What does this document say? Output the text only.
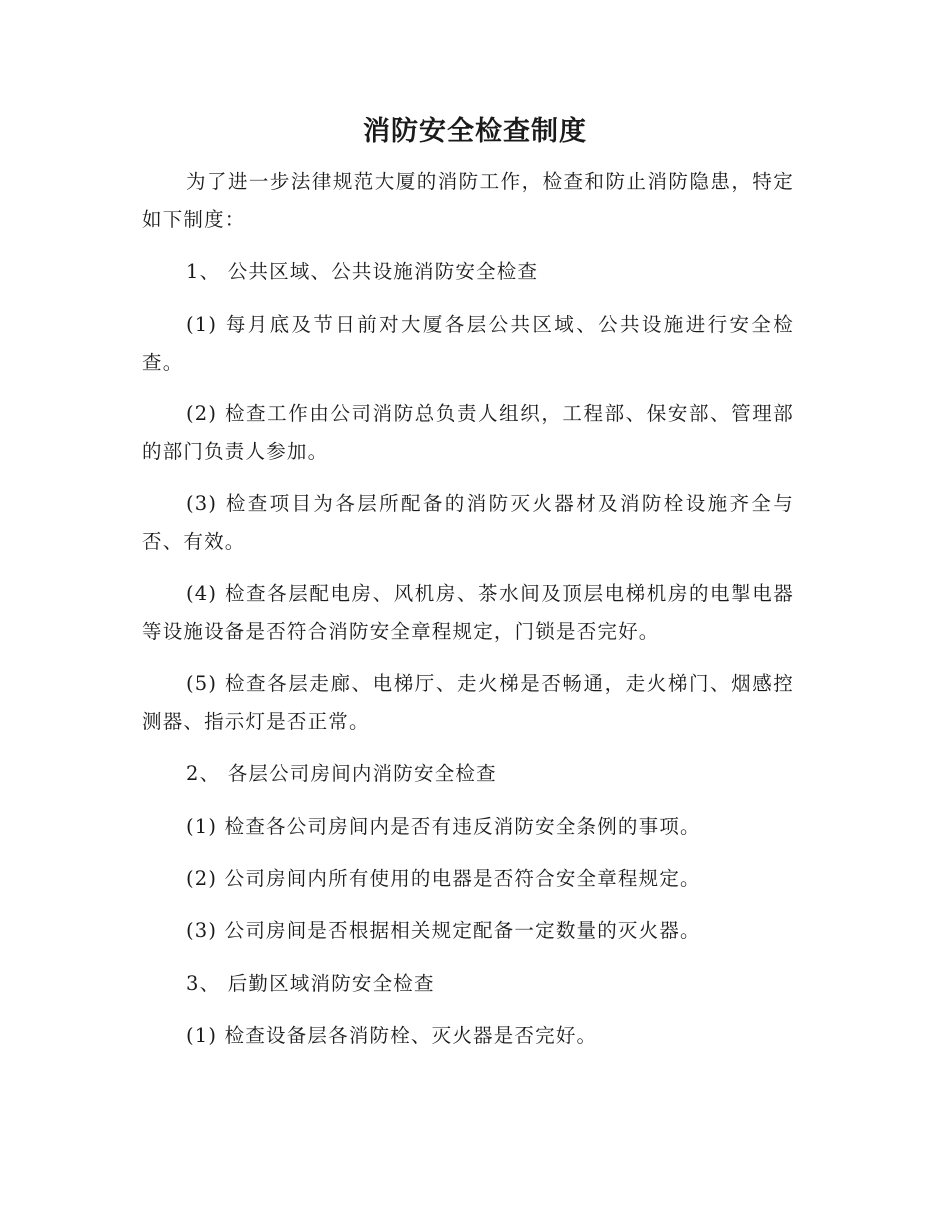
消防安全检查制度
为了进一步法律规范大厦的消防工作，检查和防止消防隐患，特定如下制度：
1、 公共区域、公共设施消防安全检查
(1) 每月底及节日前对大厦各层公共区域、公共设施进行安全检查。
(2) 检查工作由公司消防总负责人组织，工程部、保安部、管理部的部门负责人参加。
(3) 检查项目为各层所配备的消防灭火器材及消防栓设施齐全与否、有效。
(4) 检查各层配电房、风机房、茶水间及顶层电梯机房的电掣电器等设施设备是否符合消防安全章程规定，门锁是否完好。
(5) 检查各层走廊、电梯厅、走火梯是否畅通，走火梯门、烟感控测器、指示灯是否正常。
2、 各层公司房间内消防安全检查
(1) 检查各公司房间内是否有违反消防安全条例的事项。
(2) 公司房间内所有使用的电器是否符合安全章程规定。
(3) 公司房间是否根据相关规定配备一定数量的灭火器。
3、 后勤区域消防安全检查
(1) 检查设备层各消防栓、灭火器是否完好。
